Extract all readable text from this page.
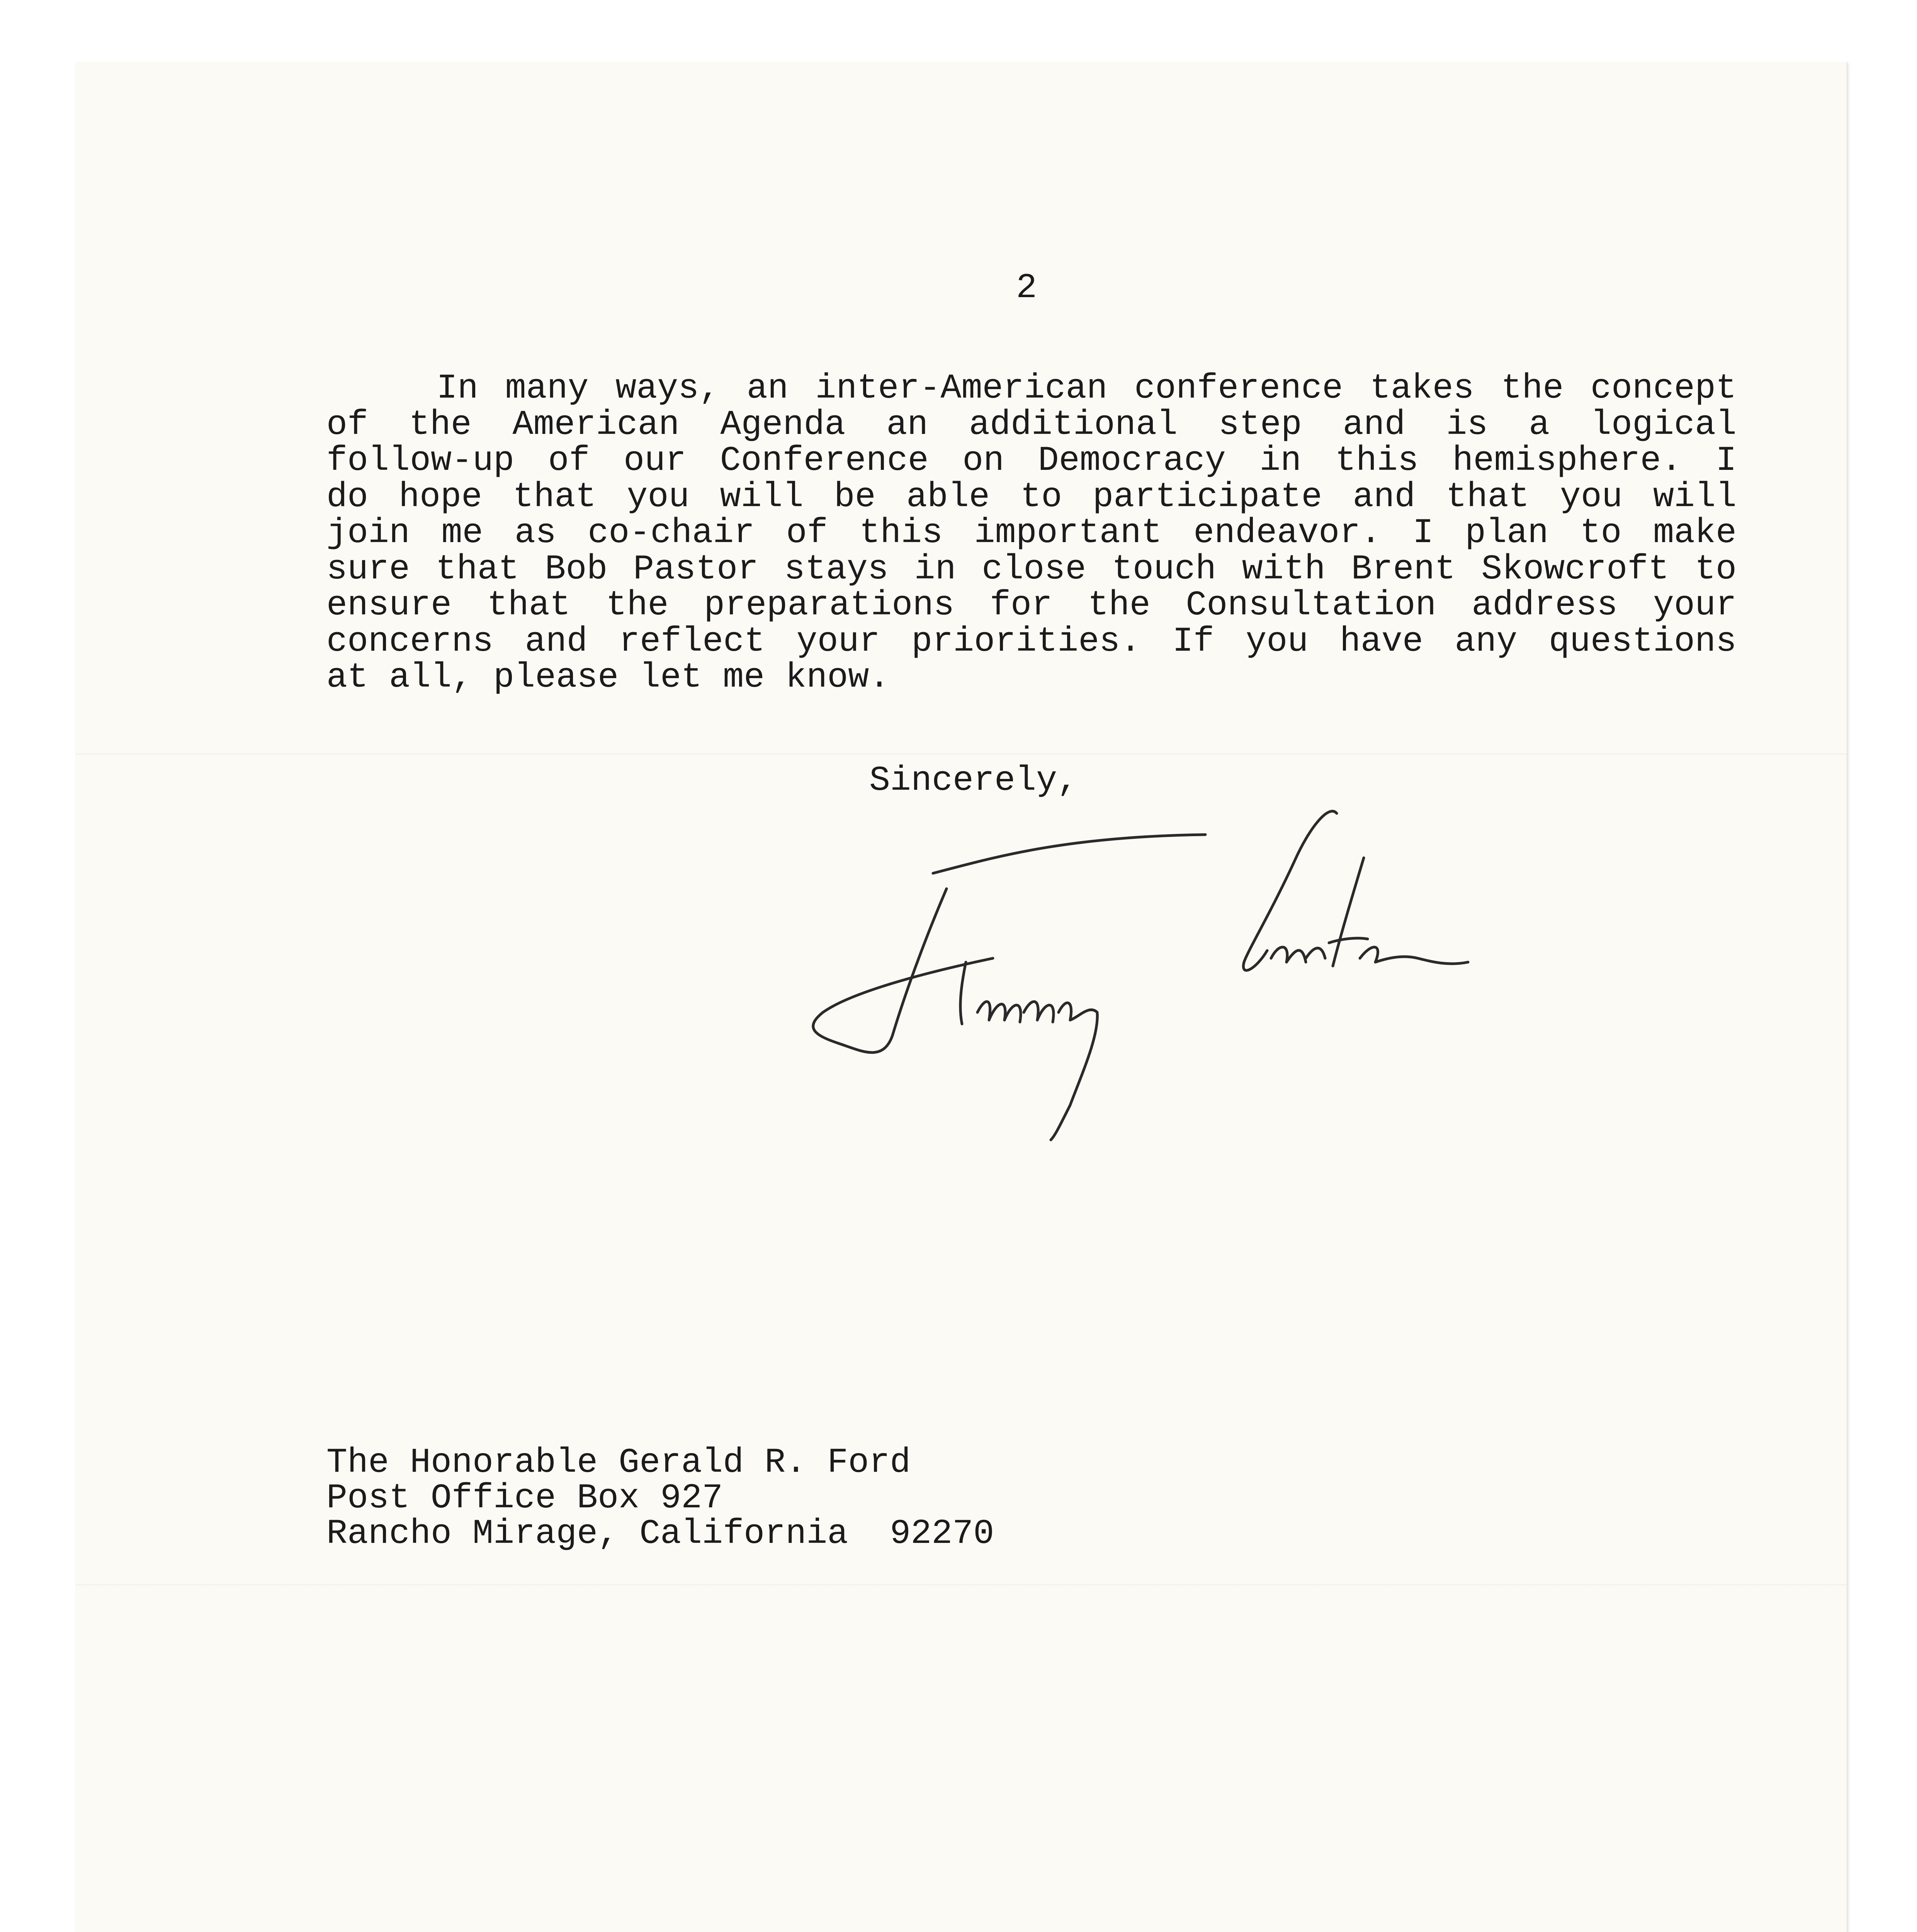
2
In many ways, an inter-American conference takes the concept
of the American Agenda an additional step and is a logical
follow-up of our Conference on Democracy in this hemisphere. I
do hope that you will be able to participate and that you will
join me as co-chair of this important endeavor. I plan to make
sure that Bob Pastor stays in close touch with Brent Skowcroft to
ensure that the preparations for the Consultation address your
concerns and reflect your priorities. If you have any questions
at all, please let me know.
Sincerely,
The Honorable Gerald R. Ford
Post Office Box 927
Rancho Mirage, California  92270
